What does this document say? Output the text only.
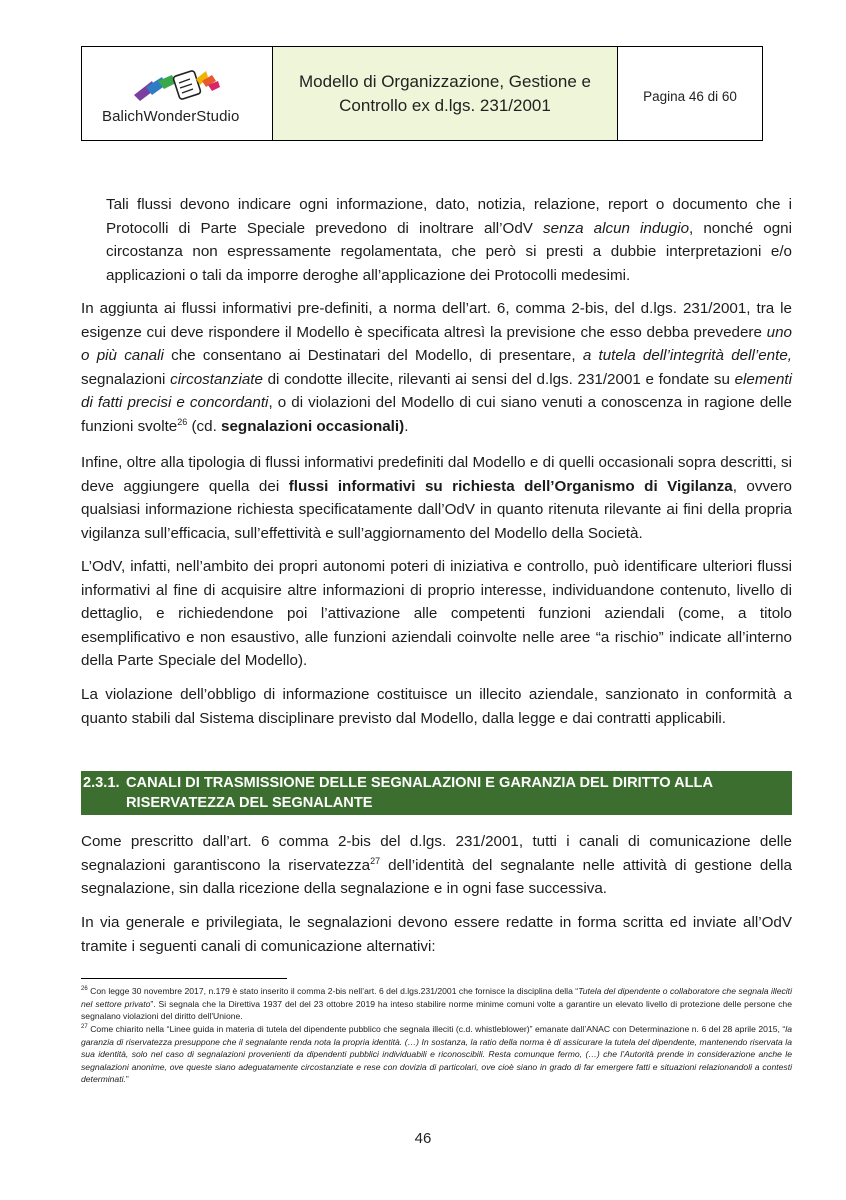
BalichWonderStudio
Modello di Organizzazione, Gestione e
Controllo ex d.lgs. 231/2001	Pagina 46 di 60

Tali flussi devono indicare ogni informazione, dato, notizia, relazione, report o documento che i Protocolli di Parte Speciale prevedono di inoltrare all’OdV senza alcun indugio, nonché ogni circostanza non espressamente regolamentata, che però si presti a dubbie interpretazioni e/o applicazioni o tali da imporre deroghe all’applicazione dei Protocolli medesimi.

In aggiunta ai flussi informativi pre-definiti, a norma dell’art. 6, comma 2-bis, del d.lgs. 231/2001, tra le esigenze cui deve rispondere il Modello è specificata altresì la previsione che esso debba prevedere uno o più canali che consentano ai Destinatari del Modello, di presentare, a tutela dell’integrità dell’ente, segnalazioni circostanziate di condotte illecite, rilevanti ai sensi del d.lgs. 231/2001 e fondate su elementi di fatti precisi e concordanti, o di violazioni del Modello di cui siano venuti a conoscenza in ragione delle funzioni svolte$^{26}$ (cd. segnalazioni occasionali).

Infine, oltre alla tipologia di flussi informativi predefiniti dal Modello e di quelli occasionali sopra descritti, si deve aggiungere quella dei flussi informativi su richiesta dell’Organismo di Vigilanza, ovvero qualsiasi informazione richiesta specificatamente dall’OdV in quanto ritenuta rilevante ai fini della propria vigilanza sull’efficacia, sull’effettività e sull’aggiornamento del Modello della Società.

L’OdV, infatti, nell’ambito dei propri autonomi poteri di iniziativa e controllo, può identificare ulteriori flussi informativi al fine di acquisire altre informazioni di proprio interesse, individuandone contenuto, livello di dettaglio, e richiedendone poi l’attivazione alle competenti funzioni aziendali (come, a titolo esemplificativo e non esaustivo, alle funzioni aziendali coinvolte nelle aree “a rischio” indicate all’interno della Parte Speciale del Modello).

La violazione dell’obbligo di informazione costituisce un illecito aziendale, sanzionato in conformità a quanto stabili dal Sistema disciplinare previsto dal Modello, dalla legge e dai contratti applicabili.

2.3.1. CANALI DI TRASMISSIONE DELLE SEGNALAZIONI E GARANZIA DEL DIRITTO ALLA
RISERVATEZZA DEL SEGNALANTE

Come prescritto dall’art. 6 comma 2-bis del d.lgs. 231/2001, tutti i canali di comunicazione delle segnalazioni garantiscono la riservatezza$^{27}$ dell’identità del segnalante nelle attività di gestione della segnalazione, sin dalla ricezione della segnalazione e in ogni fase successiva.

In via generale e privilegiata, le segnalazioni devono essere redatte in forma scritta ed inviate all’OdV tramite i seguenti canali di comunicazione alternativi:

$^{26}$ Con legge 30 novembre 2017, n.179 è stato inserito il comma 2-bis nell’art. 6 del d.lgs.231/2001 che fornisce la disciplina della “Tutela del dipendente o collaboratore che segnala illeciti nel settore privato”. Si segnala che la Direttiva 1937 del del 23 ottobre 2019 ha inteso stabilire norme minime comuni volte a garantire un elevato livello di protezione delle persone che segnalano violazioni del diritto dell'Unione.

$^{27}$ Come chiarito nella “Linee guida in materia di tutela del dipendente pubblico che segnala illeciti (c.d. whistleblower)” emanate dall’ANAC con Determinazione n. 6 del 28 aprile 2015, “la garanzia di riservatezza presuppone che il segnalante renda nota la propria identità. (…) In sostanza, la ratio della norma è di assicurare la tutela del dipendente, mantenendo riservata la sua identità, solo nel caso di segnalazioni provenienti da dipendenti pubblici individuabili e riconoscibili. Resta comunque fermo, (…) che l’Autorità prende in considerazione anche le segnalazioni anonime, ove queste siano adeguatamente circostanziate e rese con dovizia di particolari, ove cioè siano in grado di far emergere fatti e situazioni relazionandoli a contesti determinati.”

46
